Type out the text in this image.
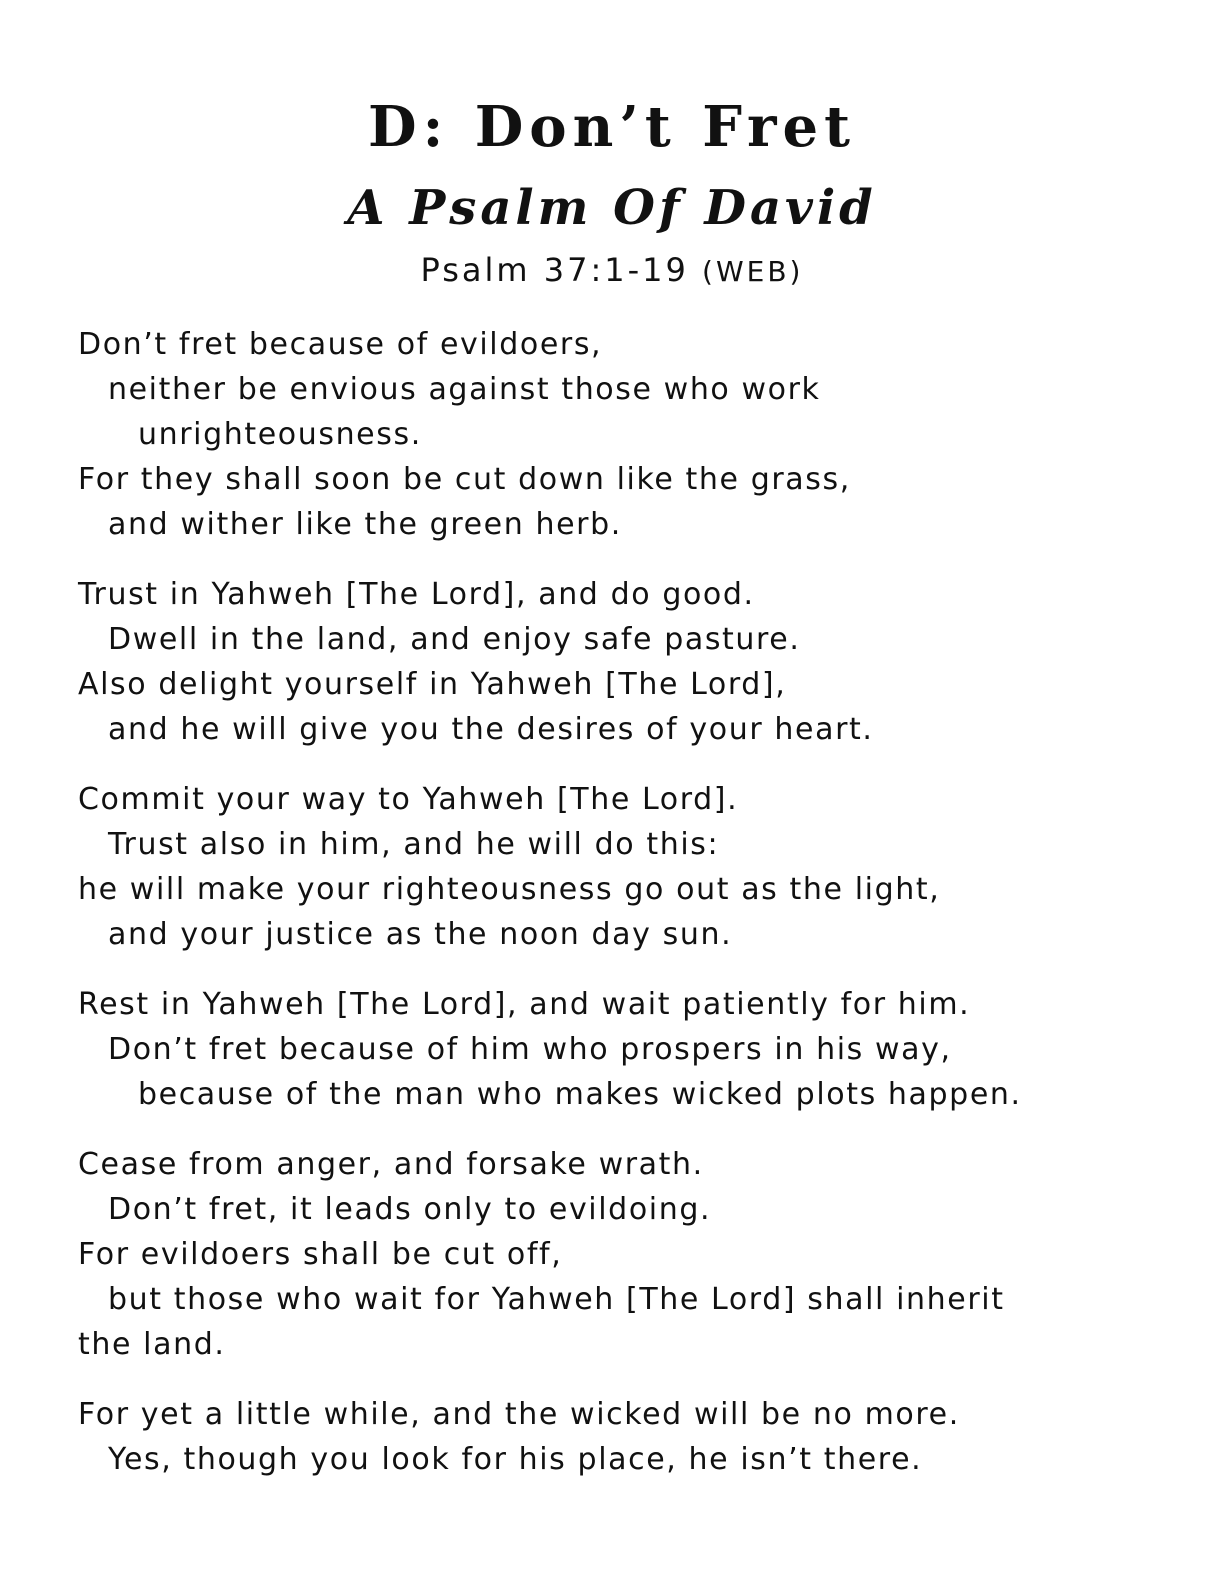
D: Don’t Fret
A Psalm Of David
Psalm 37:1-19 (WEB)
Don’t fret because of evildoers,
neither be envious against those who work
unrighteousness.
For they shall soon be cut down like the grass,
and wither like the green herb.
Trust in Yahweh [The Lord], and do good.
Dwell in the land, and enjoy safe pasture.
Also delight yourself in Yahweh [The Lord],
and he will give you the desires of your heart.
Commit your way to Yahweh [The Lord].
Trust also in him, and he will do this:
he will make your righteousness go out as the light,
and your justice as the noon day sun.
Rest in Yahweh [The Lord], and wait patiently for him.
Don’t fret because of him who prospers in his way,
because of the man who makes wicked plots happen.
Cease from anger, and forsake wrath.
Don’t fret, it leads only to evildoing.
For evildoers shall be cut off,
but those who wait for Yahweh [The Lord] shall inherit
the land.
For yet a little while, and the wicked will be no more.
Yes, though you look for his place, he isn’t there.
